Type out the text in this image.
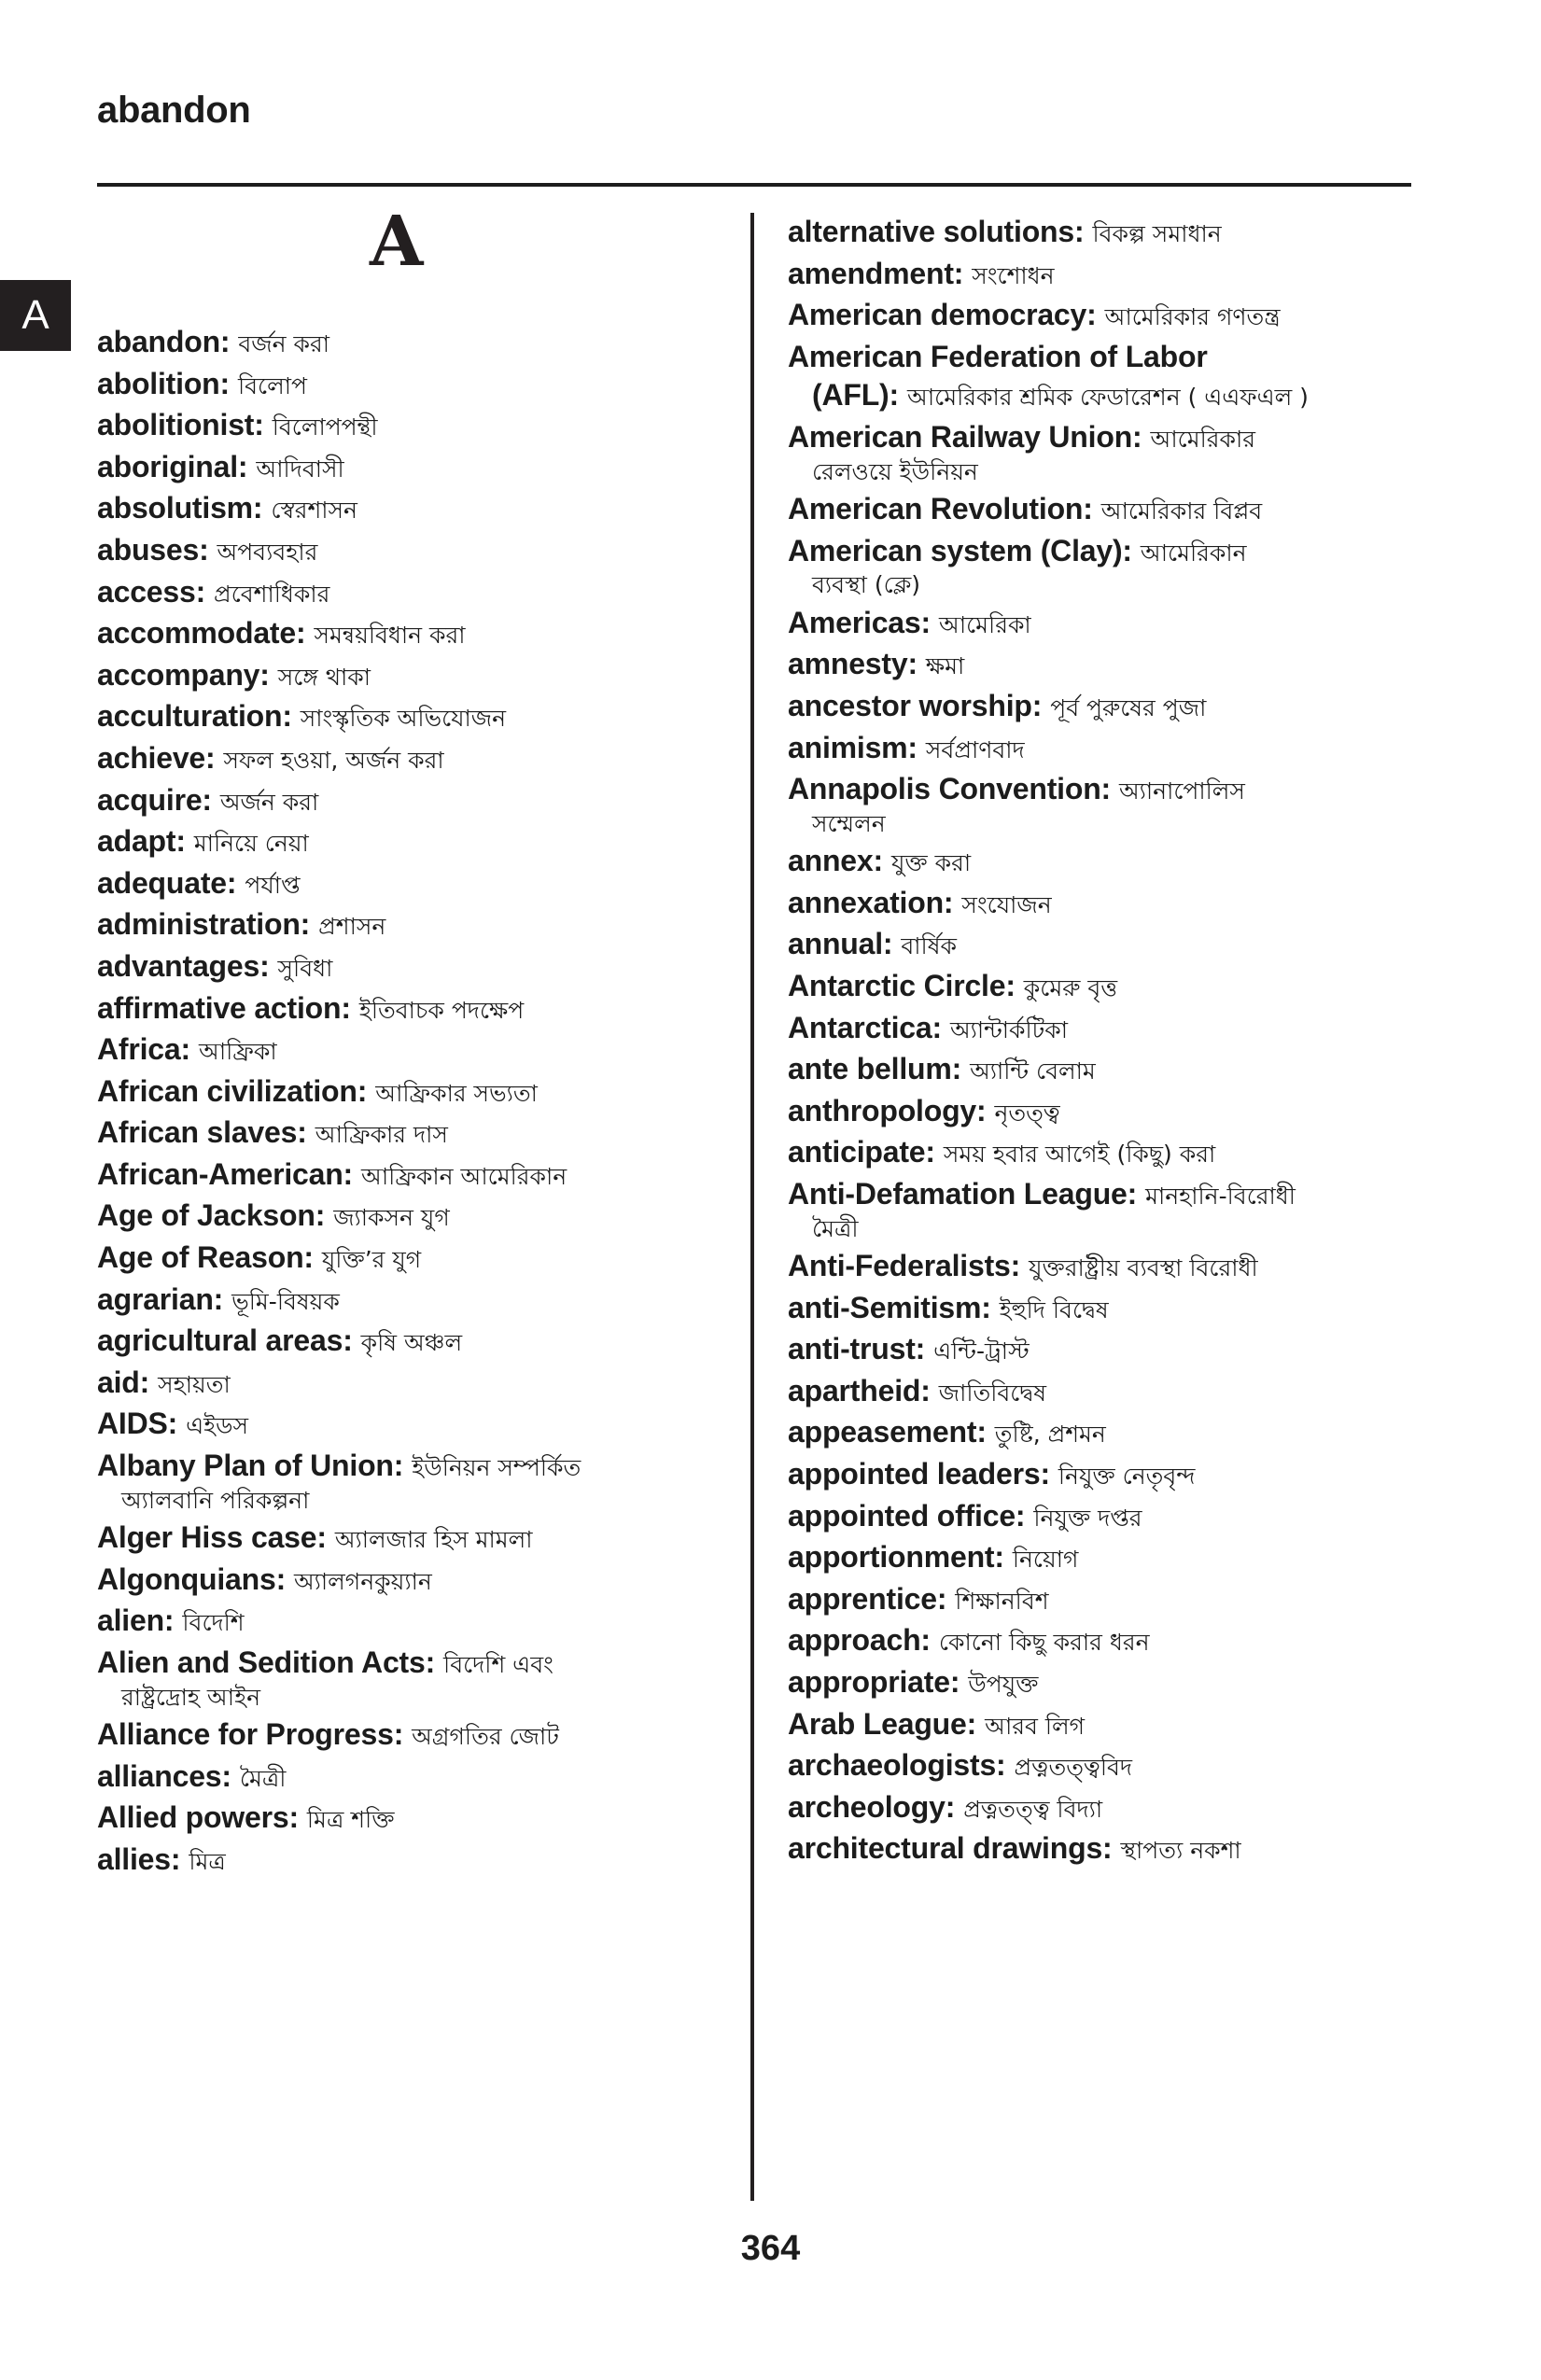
abandon
A
A
abandon: বর্জন করা
abolition: বিলোপ
abolitionist: বিলোপপন্থী
aboriginal: আদিবাসী
absolutism: স্বেরশাসন
abuses: অপব্যবহার
access: প্রবেশাধিকার
accommodate: সমন্বয়বিধান করা
accompany: সঙ্গে থাকা
acculturation: সাংস্কৃতিক অভিযোজন
achieve: সফল হওয়া, অর্জন করা
acquire: অর্জন করা
adapt: মানিয়ে নেয়া
adequate: পর্যাপ্ত
administration: প্রশাসন
advantages: সুবিধা
affirmative action: ইতিবাচক পদক্ষেপ
Africa: আফ্রিকা
African civilization: আফ্রিকার সভ্যতা
African slaves: আফ্রিকার দাস
African-American: আফ্রিকান আমেরিকান
Age of Jackson: জ্যাকসন যুগ
Age of Reason: যুক্তি’র যুগ
agrarian: ভূমি-বিষয়ক
agricultural areas: কৃষি অঞ্চল
aid: সহায়তা
AIDS: এইডস
Albany Plan of Union: ইউনিয়ন সম্পর্কিত
অ্যালবানি পরিকল্পনা
Alger Hiss case: অ্যালজার হিস মামলা
Algonquians: অ্যালগনকুয়্যান
alien: বিদেশি
Alien and Sedition Acts: বিদেশি এবং
রাষ্ট্রদ্রোহ আইন
Alliance for Progress: অগ্রগতির জোট
alliances: মৈত্রী
Allied powers: মিত্র শক্তি
allies: মিত্র
alternative solutions: বিকল্প সমাধান
amendment: সংশোধন
American democracy: আমেরিকার গণতন্ত্র
American Federation of Labor
(AFL): আমেরিকার শ্রমিক ফেডারেশন ( এএফএল )
American Railway Union: আমেরিকার
রেলওয়ে ইউনিয়ন
American Revolution: আমেরিকার বিপ্লব
American system (Clay): আমেরিকান
ব্যবস্থা (ক্লে)
Americas: আমেরিকা
amnesty: ক্ষমা
ancestor worship: পূর্ব পুরুষের পুজা
animism: সর্বপ্রাণবাদ
Annapolis Convention: অ্যানাপোলিস
সম্মেলন
annex: যুক্ত করা
annexation: সংযোজন
annual: বার্ষিক
Antarctic Circle: কুমেরু বৃত্ত
Antarctica: অ্যান্টার্কটিকা
ante bellum: অ্যান্টি বেলাম
anthropology: নৃতত্ত্ব
anticipate: সময় হবার আগেই (কিছু) করা
Anti-Defamation League: মানহানি-বিরোধী
মৈত্রী
Anti-Federalists: যুক্তরাষ্ট্রীয় ব্যবস্থা বিরোধী
anti-Semitism: ইহুদি বিদ্বেষ
anti-trust: এন্টি-ট্রাস্ট
apartheid: জাতিবিদ্বেষ
appeasement: তুষ্টি, প্রশমন
appointed leaders: নিযুক্ত নেতৃবৃন্দ
appointed office: নিযুক্ত দপ্তর
apportionment: নিয়োগ
apprentice: শিক্ষানবিশ
approach: কোনো কিছু করার ধরন
appropriate: উপযুক্ত
Arab League: আরব লিগ
archaeologists: প্রত্নতত্ত্ববিদ
archeology: প্রত্নতত্ত্ব বিদ্যা
architectural drawings: স্থাপত্য নকশা
364
